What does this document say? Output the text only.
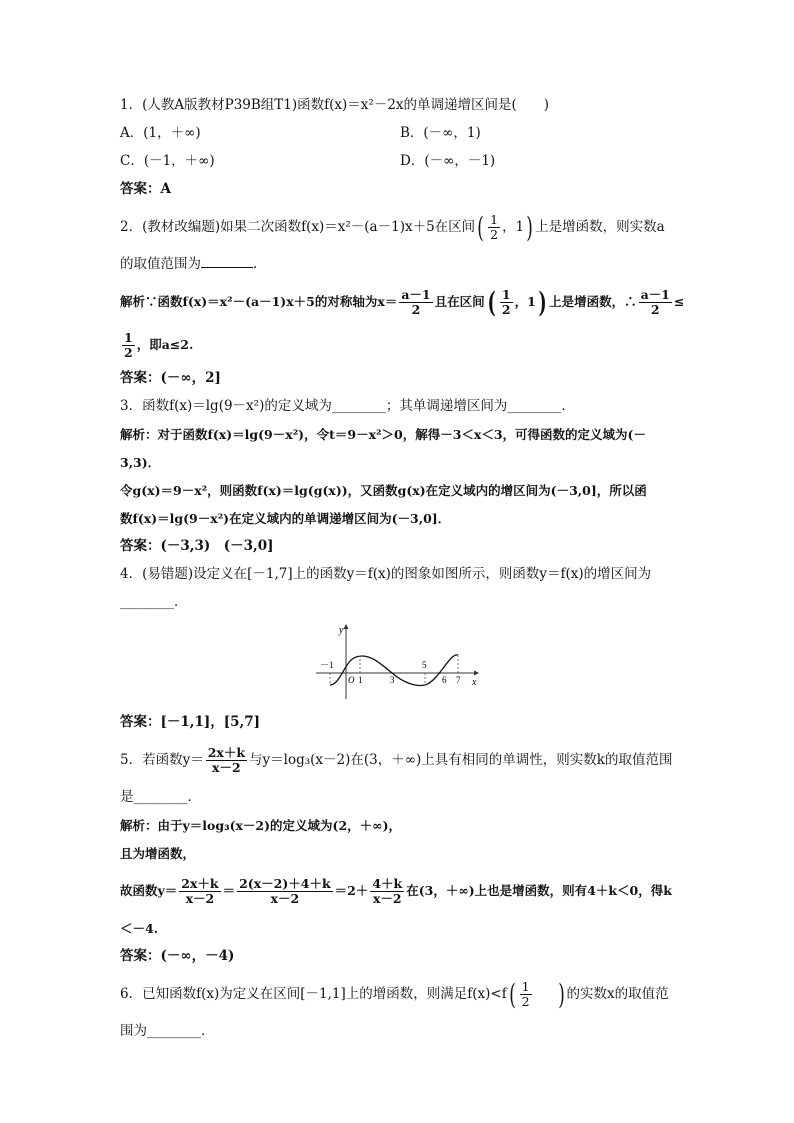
1．(人教A版教材P39B组T1)函数f(x)＝x²－2x的单调递增区间是(　　)
A．(1，＋∞)	B．(－∞，1)
C．(－1，＋∞)	D．(－∞，－1)
答案：A
2．(教材改编题)如果二次函数f(x)＝x²－(a－1)x＋5在区间( $\frac{1}{2}$ ，1) 上是增函数，则实数a
的取值范围为	．
解析∵函数f(x)＝x²－(a－1)x＋5的对称轴为$x= \frac{a-1}{2}$ 且在区间( $\frac{1}{2}$ ，1) 上是增函数，∴ $\frac{a-1}{2}$ ≤
$\frac{1}{2}$ ，即a≤2.
答案：(－∞，2]
3．函数f(x)＝lg(9－x²)的定义域为________；其单调递增区间为________．
解析：对于函数f(x)＝lg(9－x²)，令t＝9－x²＞0，解得－3＜x＜3，可得函数的定义域为(－
3,3)．
令g(x)＝9－x²，则函数f(x)＝lg(g(x))，又函数g(x)在定义域内的增区间为(－3,0]，所以函
数f(x)＝lg(9－x²)在定义域内的单调递增区间为(－3,0]．
答案：(－3,3)　(－3,0]
4．(易错题)设定义在[－1,7]上的函数y＝f(x)的图象如图所示，则函数y＝f(x)的增区间为
________．
y
x
O
－1
1	3
5
6 7
答案：[－1,1]，[5,7]
5．若函数$y= \frac{2x+k}{x-2}$ 与y＝log₃(x－2)在(3，＋∞)上具有相同的单调性，则实数k的取值范围
是________．
解析：由于y＝log₃(x－2)的定义域为(2，＋∞)，
且为增函数，
故函数$y= \frac{2x+k}{x-2} = \frac{2(x-2)+4+k}{x-2} =2+ \frac{4+k}{x-2}$ 在(3，＋∞)上也是增函数，则有4＋k＜0，得k
＜－4.
答案：(－∞，－4)
6．已知函数f(x)为定义在区间[－1,1]上的增函数，则满足$f(x)<f( \frac{1}{2}$ ) 的实数x的取值范
围为________．
